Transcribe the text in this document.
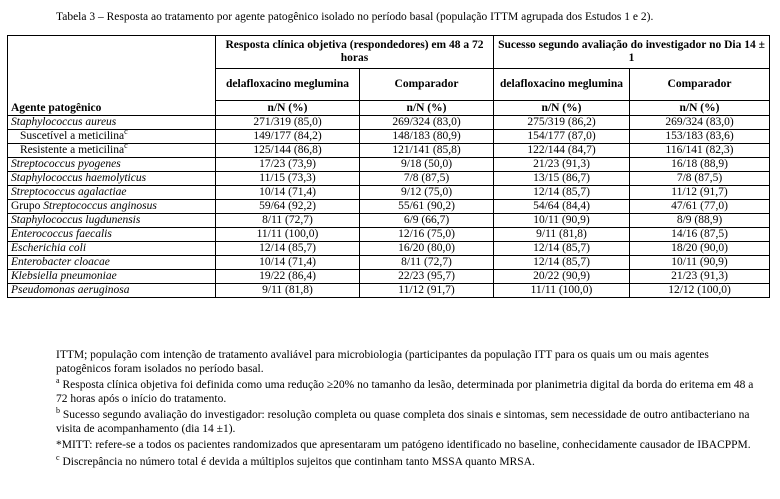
Tabela 3 – Resposta ao tratamento por agente patogênico isolado no período basal (população ITTM agrupada dos Estudos 1 e 2).
	Resposta clínica objetiva (respondedores) em 48 a 72 horas		Sucesso segundo avaliação do investigador no Dia 14 ± 1	
	delafloxacino meglumina	Comparador	delafloxacino meglumina	Comparador
Agente patogênico	n/N (%)	n/N (%)	n/N (%)	n/N (%)
Staphylococcus aureus	271/319 (85,0)	269/324 (83,0)	275/319 (86,2)	269/324 (83,0)
Suscetível a meticilina$^c$	149/177 (84,2)	148/183 (80,9)	154/177 (87,0)	153/183 (83,6)
Resistente a meticilina$^c$	125/144 (86,8)	121/141 (85,8)	122/144 (84,7)	116/141 (82,3)
Streptococcus pyogenes	17/23 (73,9)	9/18 (50,0)	21/23 (91,3)	16/18 (88,9)
Staphylococcus haemolyticus	11/15 (73,3)	7/8 (87,5)	13/15 (86,7)	7/8 (87,5)
Streptococcus agalactiae	10/14 (71,4)	9/12 (75,0)	12/14 (85,7)	11/12 (91,7)
Grupo Streptococcus anginosus	59/64 (92,2)	55/61 (90,2)	54/64 (84,4)	47/61 (77,0)
Staphylococcus lugdunensis	8/11 (72,7)	6/9 (66,7)	10/11 (90,9)	8/9 (88,9)
Enterococcus faecalis	11/11 (100,0)	12/16 (75,0)	9/11 (81,8)	14/16 (87,5)
Escherichia coli	12/14 (85,7)	16/20 (80,0)	12/14 (85,7)	18/20 (90,0)
Enterobacter cloacae	10/14 (71,4)	8/11 (72,7)	12/14 (85,7)	10/11 (90,9)
Klebsiella pneumoniae	19/22 (86,4)	22/23 (95,7)	20/22 (90,9)	21/23 (91,3)
Pseudomonas aeruginosa	9/11 (81,8)	11/12 (91,7)	11/11 (100,0)	12/12 (100,0)

ITTM; população com intenção de tratamento avaliável para microbiologia (participantes da população ITT para os quais um ou mais agentes patogênicos foram isolados no período basal.

$^a$ Resposta clínica objetiva foi definida como uma redução ≥20% no tamanho da lesão, determinada por planimetria digital da borda do eritema em 48 a 72 horas após o início do tratamento.

$^b$ Sucesso segundo avaliação do investigador: resolução completa ou quase completa dos sinais e sintomas, sem necessidade de outro antibacteriano na visita de acompanhamento (dia 14 ±1).

*MITT: refere-se a todos os pacientes randomizados que apresentaram um patógeno identificado no baseline, conhecidamente causador de IBACPPM.

$^c$ Discrepância no número total é devida a múltiplos sujeitos que continham tanto MSSA quanto MRSA.
